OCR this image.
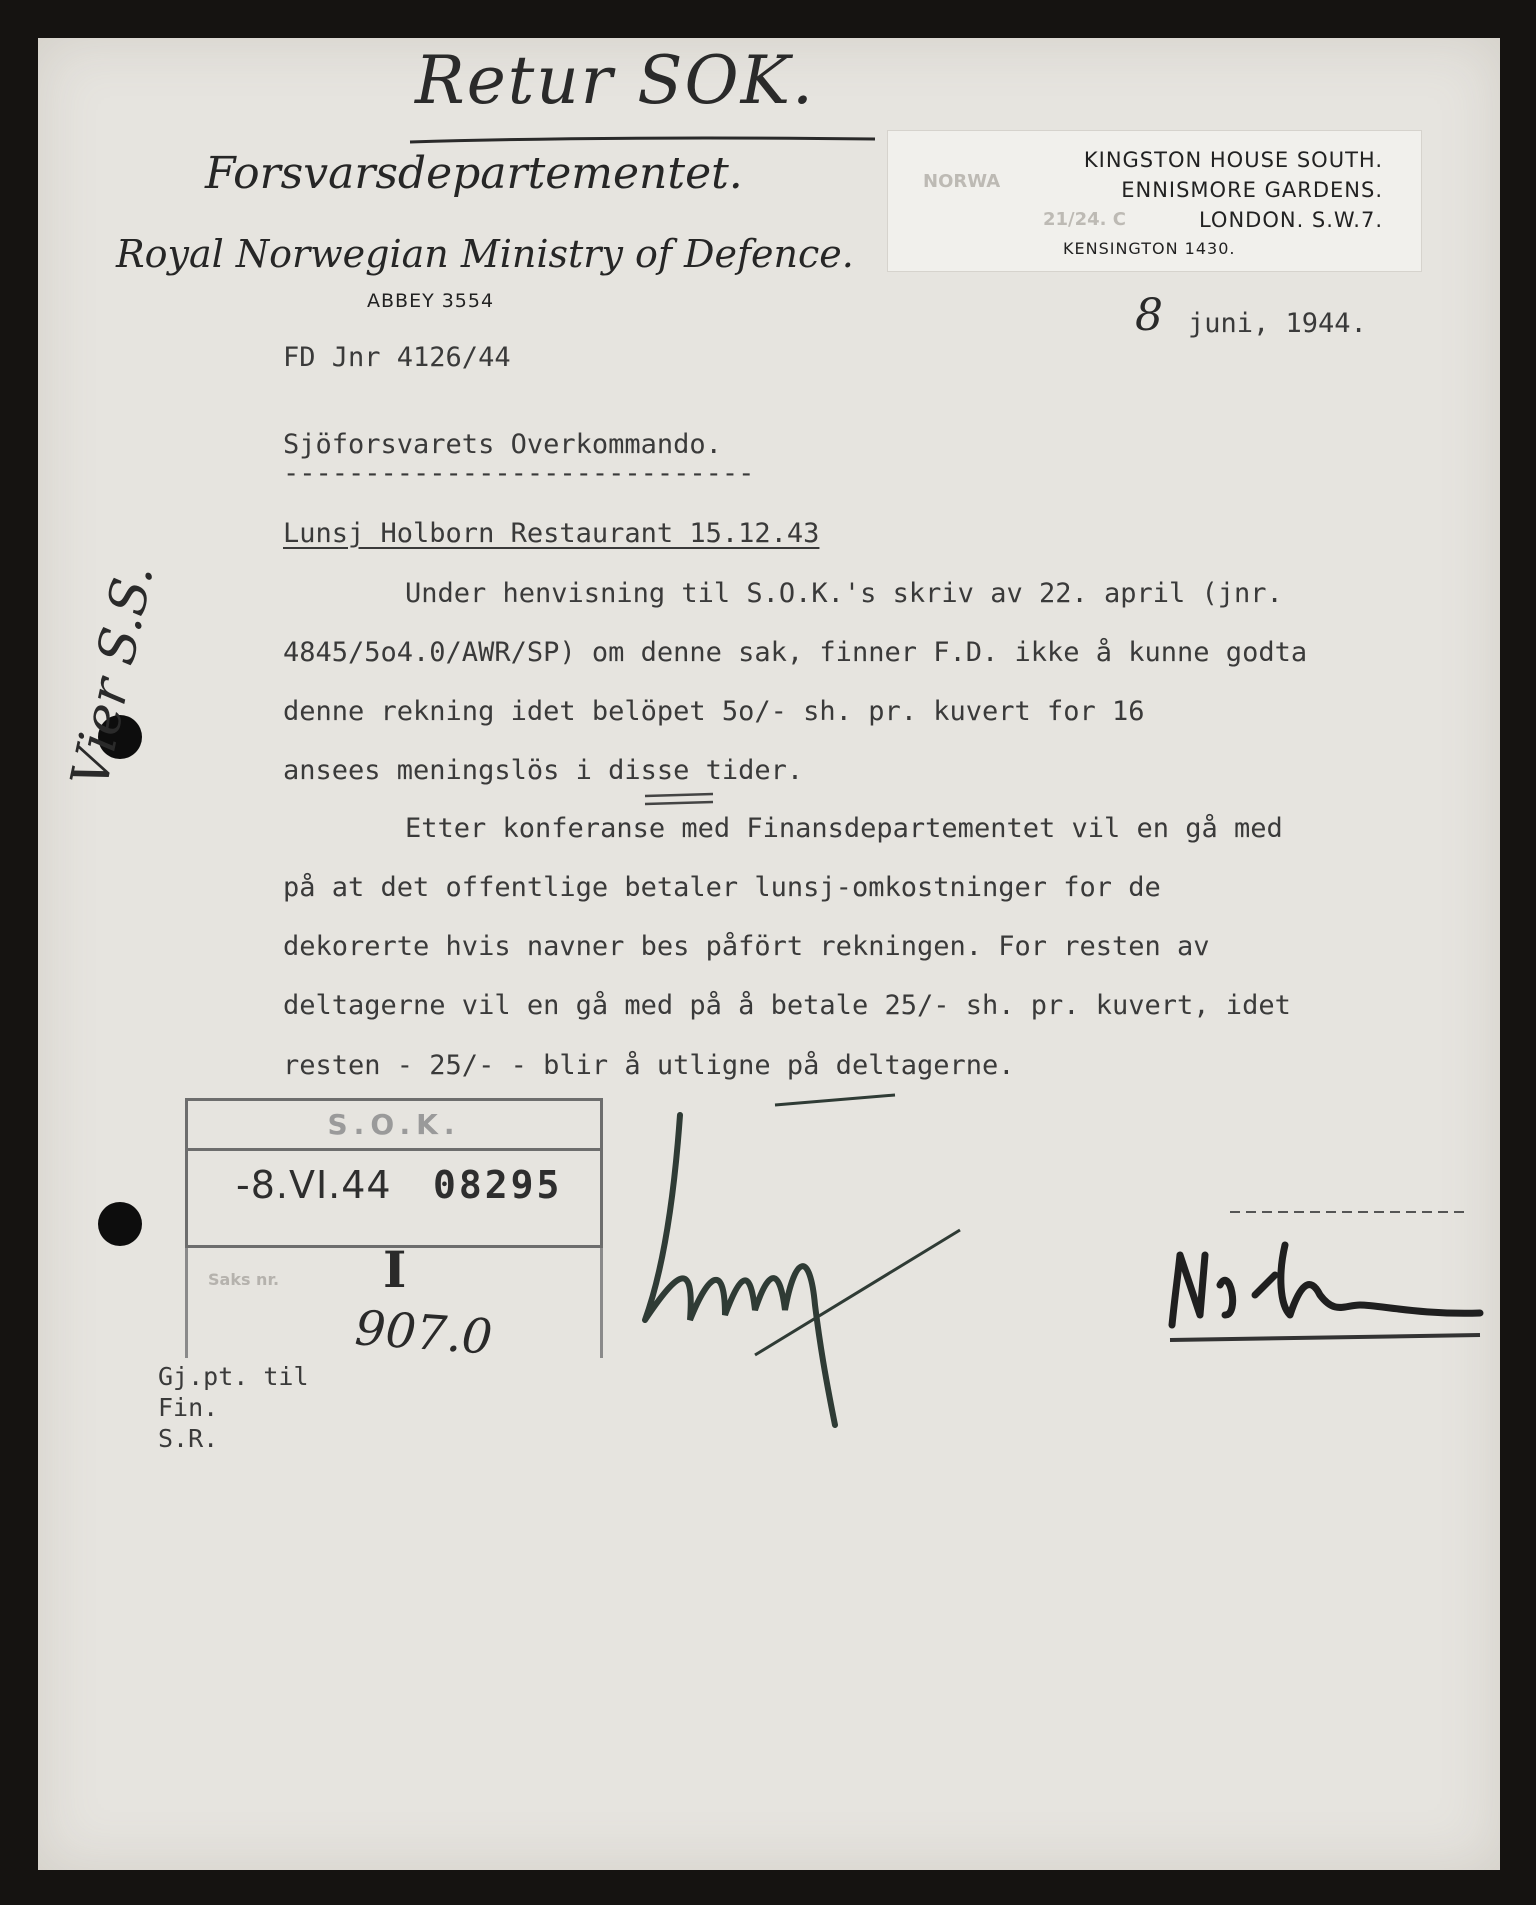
Retur SOK.
Forsvarsdepartementet.
Royal Norwegian Ministry of Defence.
ABBEY 3554
NORWA
21/24. C
KINGSTON HOUSE SOUTH.
ENNISMORE GARDENS.
LONDON. S.W.7.
KENSINGTON 1430.
8 juni, 1944.
FD Jnr 4126/44
Sjöforsvarets Overkommando.
-----------------------------
Lunsj Holborn Restaurant 15.12.43
Under henvisning til S.O.K.'s skriv av 22. april (jnr.
4845/5o4.0/AWR/SP) om denne sak, finner F.D. ikke å kunne godta
denne rekning idet belöpet 5o/- sh. pr. kuvert for 16
ansees meningslös i disse tider.
Etter konferanse med Finansdepartementet vil en gå med
på at det offentlige betaler lunsj-omkostninger for de
dekorerte hvis navner bes påfört rekningen. For resten av
deltagerne vil en gå med på å betale 25/- sh. pr. kuvert, idet
resten - 25/- - blir å utligne på deltagerne.
Vier S.S.
S.O.K.
-8.VI.44 08295
Saks nr. I
907.0
Gj.pt. til
Fin.
S.R.
